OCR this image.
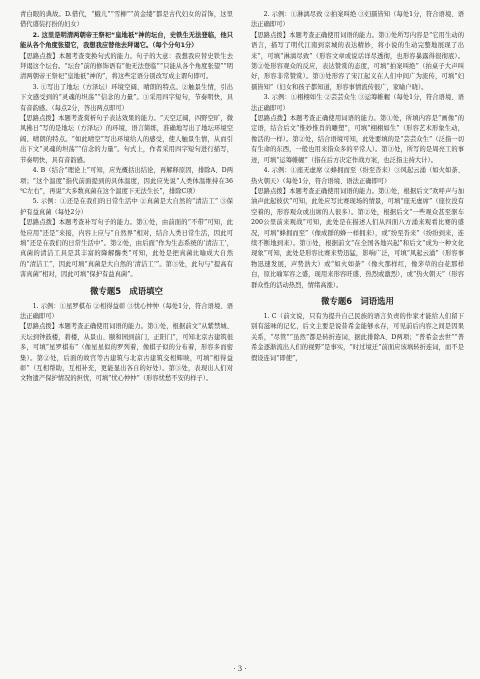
青白眼的典故。D.借代，“蛾儿”“雪柳”“黄金缕”都是古代妇女的首饰，这里借代盛装打扮的妇女）

2. 这里是明清两朝帝王祭祀“皇地祇”神的坛台，史铁生无法登临，他只能从各个角度张望它，我想我应替他去拜谒它。（每个分句1分）

【思路点拨】本题考查变换句式的能力。句子的大意：我想我应替史铁生去拜谒这个坛台。“坛台”前的修饰语有“他无法登临”“只能从各个角度张望”“明清两朝帝王祭祀“皇地祇”神的”，将这些定语分别改写成主谓句即可。

3. ①写出了地坛（方泽坛）环境空阔、晴朗的特点。②触景生情，引出下文感受到的“灵魂的坦荡”“信念的力量”。③采用四字短句，节奏明快，具有音韵感。（每点2分，答出两点即可）

【思路点拨】本题考查赏析句子表达效果的能力。“天空辽阔，四野空旷，微风拂日”写的是地坛（方泽坛）的环境，语言简练，准确地写出了地坛环境空阔、晴朗的特点。“如此晴空”写出环境给人的感受，使人触景生情，从而引出下文“灵魂的坦荡”“信念的力量”。句式上，作者采用四字短句进行描写，节奏明快，具有音韵感。

4. B（结合“理论上”可知，应先概括出结论，再解释原因，排除A、D两项；“这个温度”指代前面提到的具体温度，因此应先说“人类体温维持在36 ℃左右”，再说“大多数真菌在这个温度下无法生长”，排除C项）

5. 示例：①还是在我们的日常生活中 ②真菌是大自然的“清洁工” ③保护有益真菌（每处2分）

【思路点拨】本题考查补写句子的能力。第①处，由前面的“不带”可知，此处应用“还是”来接，内容上应与“自然界”相对，结合人类日常生活，因此可填“还是在我们的日常生活中”。第②处，由后面“作为生态系统的‘清洁工’，真菌的清洁工具是其丰富的降解酶类”可知，此处是把真菌比喻成大自然的“清洁工”，因此可填“真菌是大自然的‘清洁工’”。第③处，此句与“提高有害真菌”相对，因此可填“保护有益真菌”。

微专题5　成语填空

1. 示例：①星罗棋布 ②相得益彰 ③忧心忡忡（每处1分，符合语境、语法正确即可）

【思路点拨】本题考查正确使用词语的能力。第①处，根据前文“从紫禁城、天坛到钟鼓楼，碧楼，从景山、颐和园到前门，正阳门”，可知北京古建筑很多，可填“星罗棋布”（像星星似的罗列着，像棋子似的分布着，形容多而密集）。第②处，后面的故宫等古建筑与北京古建筑交相辉映，可填“相得益彰”（互相帮助，互相补充，更能显出各自的好处）。第③处，表现出人们对文物遗产保护情况的担忧，可填“忧心忡忡”（形容忧愁不安的样子）。

2. 示例：①淋漓尽致 ②拍案叫绝 ③妇孺皆知（每处1分，符合语境、语法正确即可）

【思路点拨】本题考查正确使用词语的能力。第①处所写内容是“它用生动的语言，描写了明代江南到京城的表达精妙，将小说的生动完整地展现了出来”，可填“淋漓尽致”（形容文章或说话详尽透彻，也形容暴露得很彻底）。第②处形容观众的反应，表达赞赏的态度，可填“拍案叫绝”（拍桌子大声叫好，形容非常赞赏）。第③处形容了宋江起义在人们中间广为流传，可填“妇孺皆知”（妇女和孩子都知道，形容事情流传很广，家喻户晓）。

3. 示例：①栩栩如生 ②芸芸众生 ③运筹帷幄（每处1分，符合语境、语法正确即可）

【思路点拨】本题考查正确使用词语的能力。第①处，所填内容是“画像”的定语，结合后文“惟妙惟肖的雕塑”，可填“栩栩如生”（形容艺术形象生动，像活的一样）。第②处，结合语境可知，此处要填的是“芸芸众生”（泛指一切有生命的东西，一般也用来指众多的平常人）。第③处，所写的是周亮工的事迹，可填“运筹帷幄”（指在后方决定作战方案，也泛指主持大计）。

4. 示例：①座无虚席 ②蜂拥而至（纷至沓来）③风起云涌（如火如荼、热火朝天）（每处1分，符合语境、语法正确即可）

【思路点拨】本题考查正确使用词语的能力。第①处，根据后文“欢呼声与加油声此起彼伏”可知，此处应写比赛现场的情景，可填“座无虚席”（座位没有空着的，形容观众或出席的人很多）。第②处，根据后文“一些观众甚至驱车200公里前来观战”可知，此处是在描述人们从四面八方涌来观看比赛的盛况，可填“蜂拥而至”（像成群的蜂一样拥来），或“纷至沓来”（纷纷到来，连续不断地到来）。第③处，根据前文“在全国各地兴起”和后文“成为一种文化现象”可知，此处是形容比赛来势迅猛，影响广泛，可填“风起云涌”（形容事物迅速发展，声势浩大）或“如火如荼”（像火那样红，像茅草的白花那样白，原比喻军容之盛，现用来形容旺盛、热烈或激烈），或“热火朝天”（形容群众性的活动热烈，情绪高涨）。

微专题6　词语选用

1. C（前文说，只有为提升自己民族的语言负责的作家才能给人们留下别有滋味的记忆，后文主要是说昔希金能够永存，可见前后内容之间是因果关系，“尽管”“虽然”都是转折连词，据此排除A、D两项；“普希金去世”“普希金逐渐流出人们的视野”是事实，“时过境迁”前面应该填转折连词，而不是假设连词“即使”，

· 3 ·
